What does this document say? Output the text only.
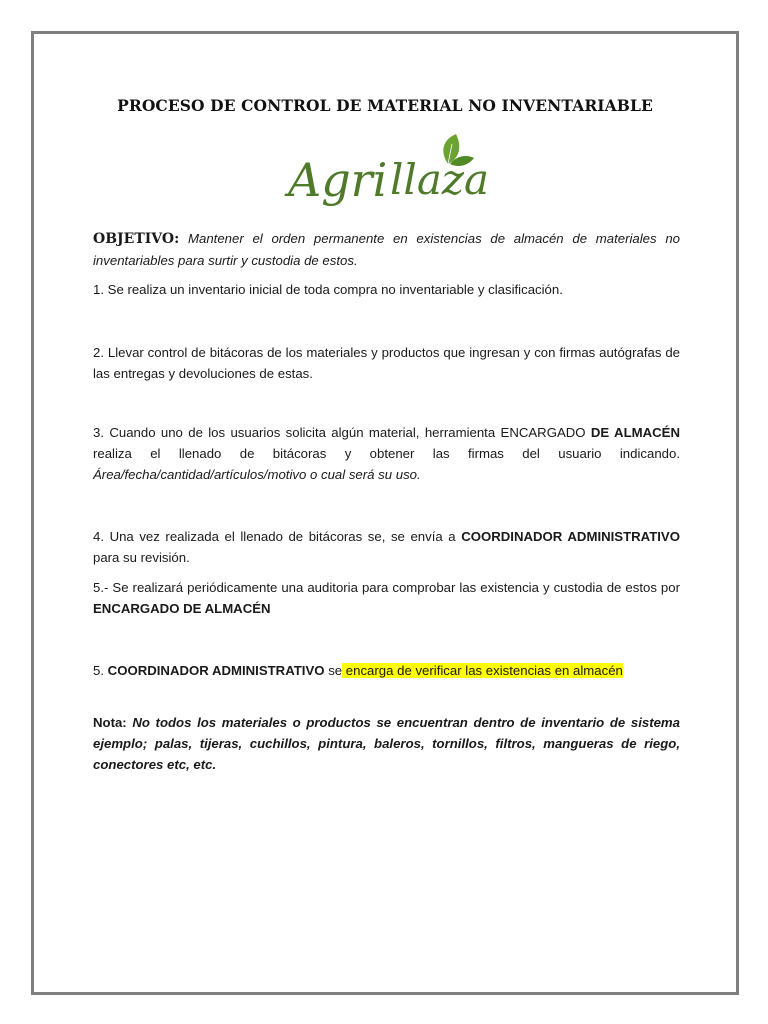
PROCESO DE CONTROL DE MATERIAL NO INVENTARIABLE
Agri llaza
OBJETIVO: Mantener el orden permanente en existencias de almacén de materiales no inventariables para surtir y custodia de estos.
1. Se realiza un inventario inicial de toda compra no inventariable y clasificación.
2. Llevar control de bitácoras de los materiales y productos que ingresan y con firmas autógrafas de las entregas y devoluciones de estas.
3. Cuando uno de los usuarios solicita algún material, herramienta ENCARGADO DE ALMACÉN realiza el llenado de bitácoras y obtener las firmas del usuario indicando. Área/fecha/cantidad/artículos/motivo o cual será su uso.
4. Una vez realizada el llenado de bitácoras se, se envía a COORDINADOR ADMINISTRATIVO para su revisión.
5.- Se realizará periódicamente una auditoria para comprobar las existencia y custodia de estos por ENCARGADO DE ALMACÉN
5. COORDINADOR ADMINISTRATIVO se encarga de verificar las existencias en almacén
Nota: No todos los materiales o productos se encuentran dentro de inventario de sistema ejemplo; palas, tijeras, cuchillos, pintura, baleros, tornillos, filtros, mangueras de riego, conectores etc, etc.
